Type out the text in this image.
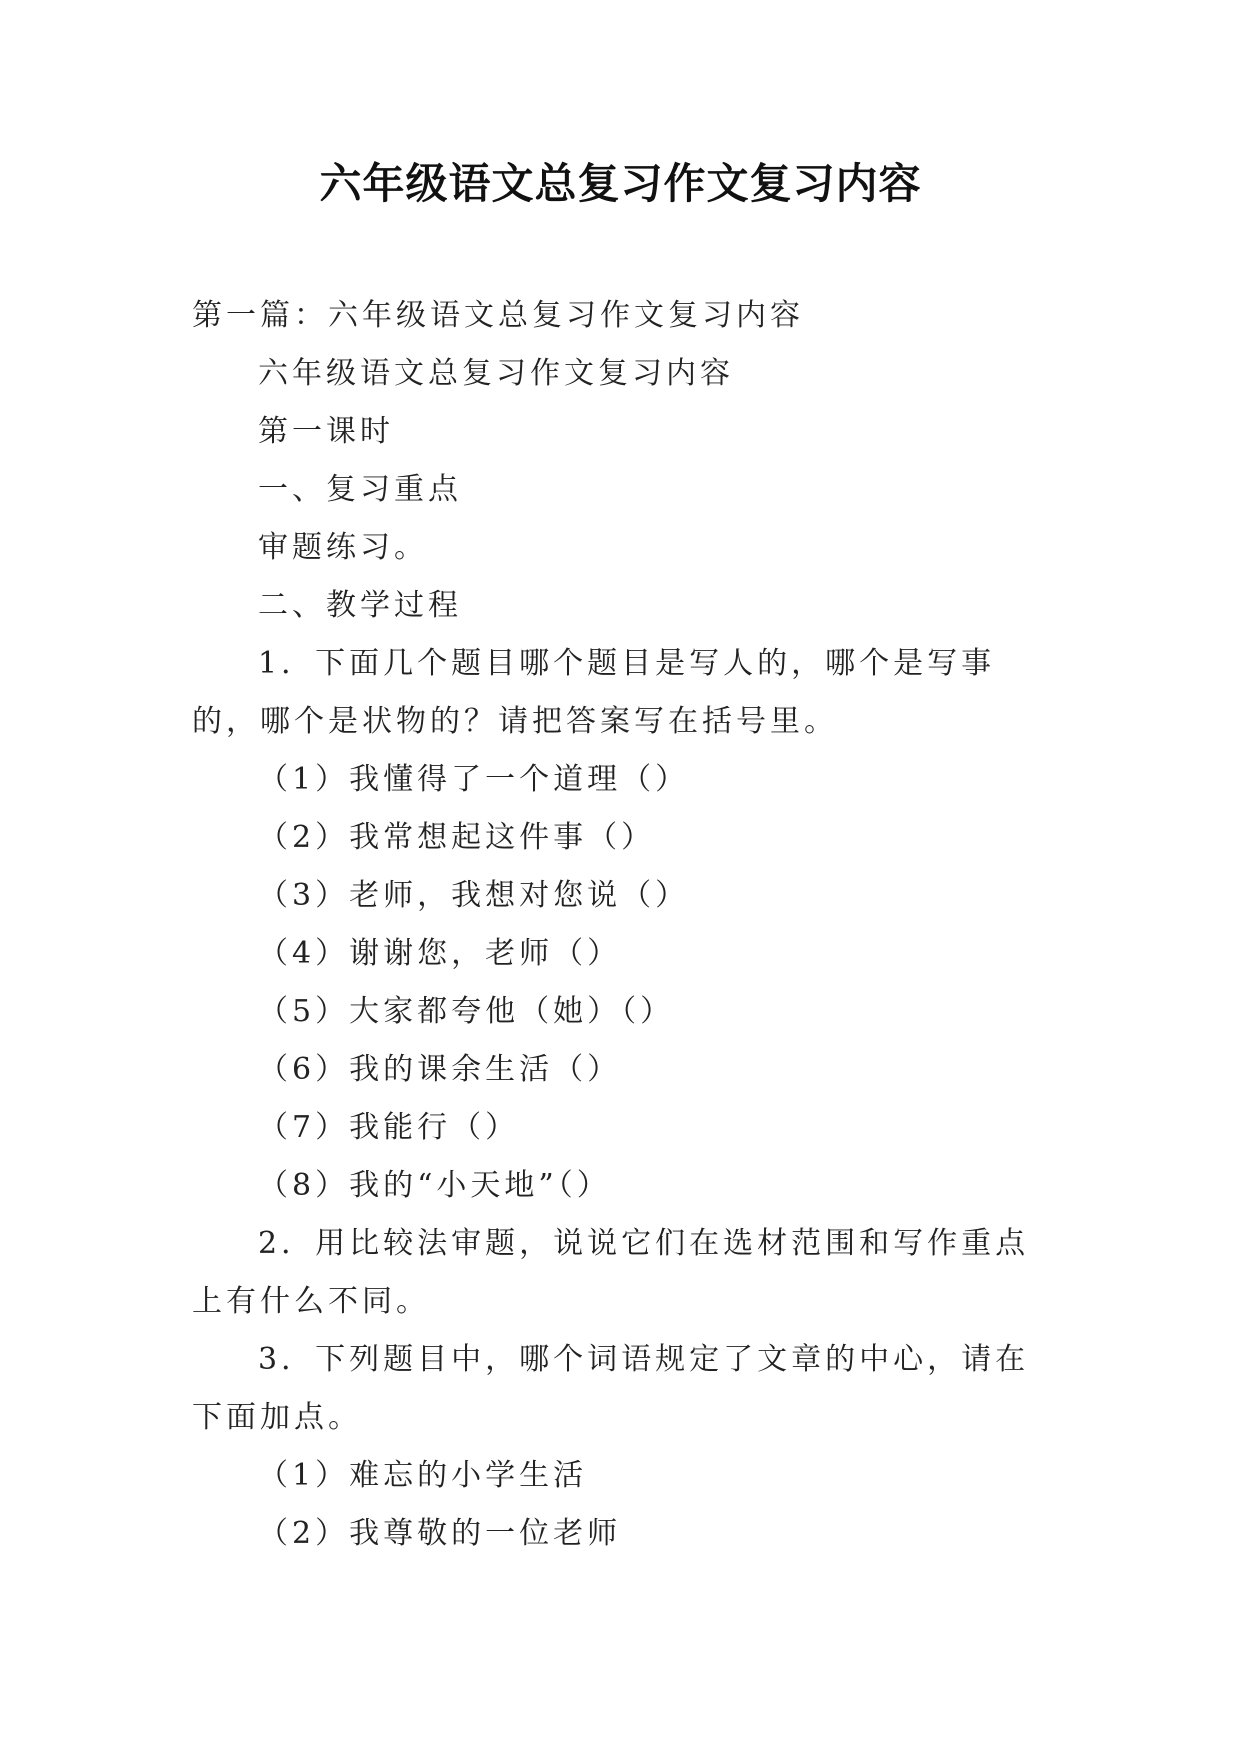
六年级语文总复习作文复习内容

第一篇：六年级语文总复习作文复习内容

六年级语文总复习作文复习内容

第一课时

一、复习重点

审题练习。

二、教学过程

1．下面几个题目哪个题目是写人的，哪个是写事的，哪个是状物的？请把答案写在括号里。

（1）我懂得了一个道理（）

（2）我常想起这件事（）

（3）老师，我想对您说（）

（4）谢谢您，老师（）

（5）大家都夸他（她）（）

（6）我的课余生活（）

（7）我能行（）

（8）我的“小天地”（）

2．用比较法审题，说说它们在选材范围和写作重点上有什么不同。

3．下列题目中，哪个词语规定了文章的中心，请在下面加点。

（1）难忘的小学生活

（2）我尊敬的一位老师
